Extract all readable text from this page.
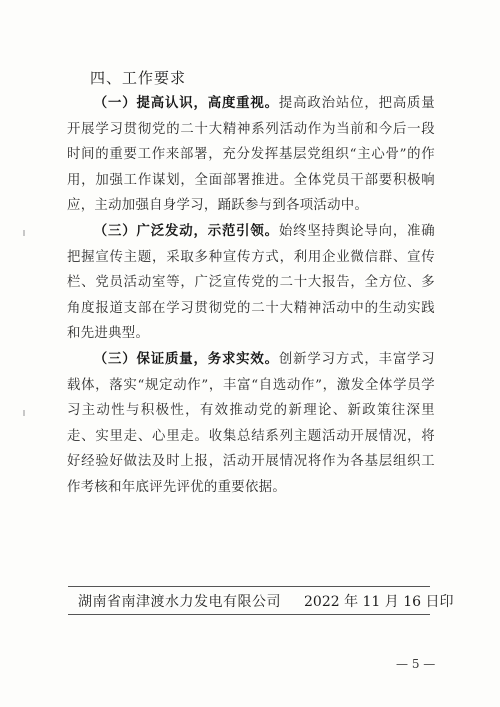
四、工作要求

（一）提高认识，高度重视。提高政治站位，把高质量开展学习贯彻党的二十大精神系列活动作为当前和今后一段时间的重要工作来部署，充分发挥基层党组织“主心骨”的作用，加强工作谋划，全面部署推进。全体党员干部要积极响应，主动加强自身学习，踊跃参与到各项活动中。

（三）广泛发动，示范引领。始终坚持舆论导向，准确把握宣传主题，采取多种宣传方式，利用企业微信群、宣传栏、党员活动室等，广泛宣传党的二十大报告，全方位、多角度报道支部在学习贯彻党的二十大精神活动中的生动实践和先进典型。

（三）保证质量，务求实效。创新学习方式，丰富学习载体，落实“规定动作”，丰富“自选动作”，激发全体学员学习主动性与积极性，有效推动党的新理论、新政策往深里走、实里走、心里走。收集总结系列主题活动开展情况，将好经验好做法及时上报，活动开展情况将作为各基层组织工作考核和年底评先评优的重要依据。

湖南省南津渡水力发电有限公司 2022 年 11 月 16 日印
— 5 —
